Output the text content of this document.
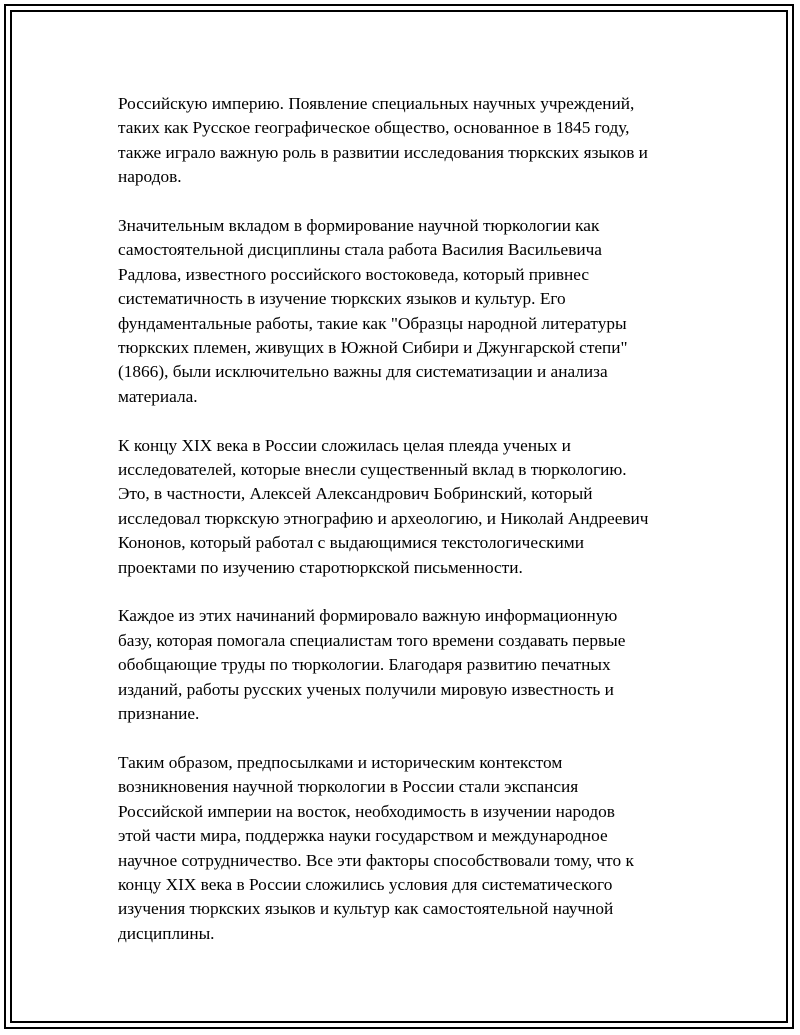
Российскую империю. Появление специальных научных учреждений,
таких как Русское географическое общество, основанное в 1845 году,
также играло важную роль в развитии исследования тюркских языков и
народов.

Значительным вкладом в формирование научной тюркологии как
самостоятельной дисциплины стала работа Василия Васильевича
Радлова, известного российского востоковеда, который привнес
систематичность в изучение тюркских языков и культур. Его
фундаментальные работы, такие как "Образцы народной литературы
тюркских племен, живущих в Южной Сибири и Джунгарской степи"
(1866), были исключительно важны для систематизации и анализа
материала.

К концу XIX века в России сложилась целая плеяда ученых и
исследователей, которые внесли существенный вклад в тюркологию.
Это, в частности, Алексей Александрович Бобринский, который
исследовал тюркскую этнографию и археологию, и Николай Андреевич
Кононов, который работал с выдающимися текстологическими
проектами по изучению старотюркской письменности.

Каждое из этих начинаний формировало важную информационную
базу, которая помогала специалистам того времени создавать первые
обобщающие труды по тюркологии. Благодаря развитию печатных
изданий, работы русских ученых получили мировую известность и
признание.

Таким образом, предпосылками и историческим контекстом
возникновения научной тюркологии в России стали экспансия
Российской империи на восток, необходимость в изучении народов
этой части мира, поддержка науки государством и международное
научное сотрудничество. Все эти факторы способствовали тому, что к
концу XIX века в России сложились условия для систематического
изучения тюркских языков и культур как самостоятельной научной
дисциплины.
